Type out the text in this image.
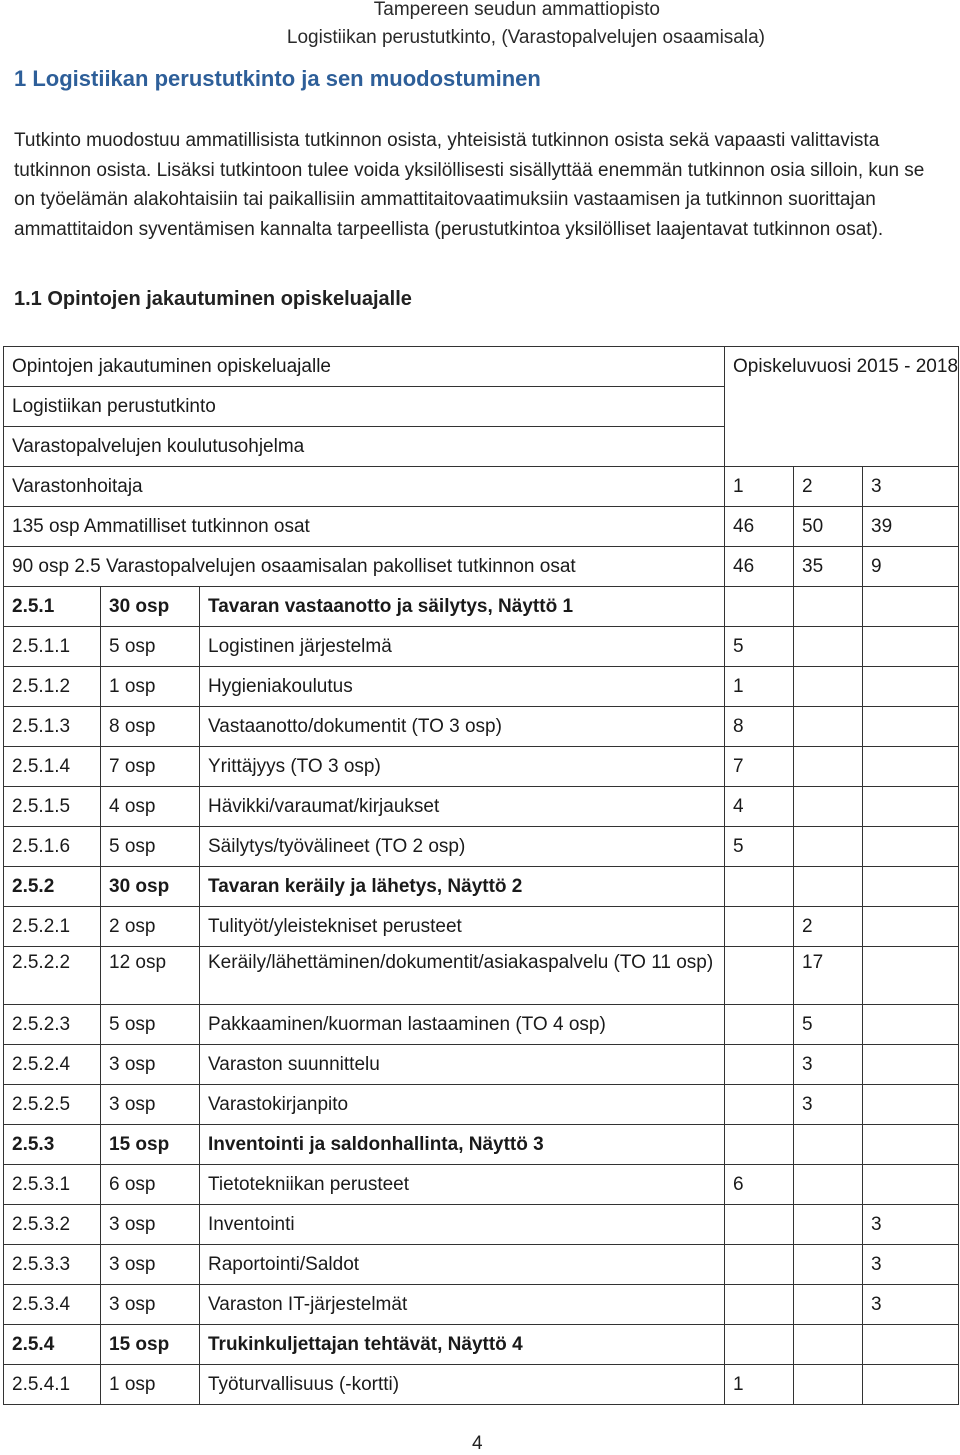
Tampereen seudun ammattiopisto
Logistiikan perustutkinto, (Varastopalvelujen osaamisala)
1 Logistiikan perustutkinto ja sen muodostuminen
Tutkinto muodostuu ammatillisista tutkinnon osista, yhteisistä tutkinnon osista sekä vapaasti valittavista tutkinnon osista. Lisäksi tutkintoon tulee voida yksilöllisesti sisällyttää enemmän tutkinnon osia silloin, kun se on työelämän alakohtaisiin tai paikallisiin ammattitaitovaatimuksiin vastaamisen ja tutkinnon suorittajan ammattitaidon syventämisen kannalta tarpeellista (perustutkintoa yksilölliset laajentavat tutkinnon osat).
1.1 Opintojen jakautuminen opiskeluajalle
Opintojen jakautuminen opiskeluajalle			Opiskeluvuosi 2015 - 2018		
Logistiikan perustutkinto					
Varastopalvelujen koulutusohjelma					
Varastonhoitaja			1	2	3
135 osp Ammatilliset tutkinnon osat			46	50	39
90 osp 2.5 Varastopalvelujen osaamisalan pakolliset tutkinnon osat			46	35	9
2.5.1	30 osp	Tavaran vastaanotto ja säilytys, Näyttö 1			
2.5.1.1	5 osp	Logistinen järjestelmä	5		
2.5.1.2	1 osp	Hygieniakoulutus	1		
2.5.1.3	8 osp	Vastaanotto/dokumentit (TO 3 osp)	8		
2.5.1.4	7 osp	Yrittäjyys (TO 3 osp)	7		
2.5.1.5	4 osp	Hävikki/varaumat/kirjaukset	4		
2.5.1.6	5 osp	Säilytys/työvälineet (TO 2 osp)	5		
2.5.2	30 osp	Tavaran keräily ja lähetys, Näyttö 2			
2.5.2.1	2 osp	Tulityöt/yleistekniset perusteet		2	
2.5.2.2	12 osp	Keräily/lähettäminen/dokumentit/asiakaspalvelu (TO 11 osp)		17	
2.5.2.3	5 osp	Pakkaaminen/kuorman lastaaminen (TO 4 osp)		5	
2.5.2.4	3 osp	Varaston suunnittelu		3	
2.5.2.5	3 osp	Varastokirjanpito		3	
2.5.3	15 osp	Inventointi ja saldonhallinta, Näyttö 3			
2.5.3.1	6 osp	Tietotekniikan perusteet	6		
2.5.3.2	3 osp	Inventointi			3
2.5.3.3	3 osp	Raportointi/Saldot			3
2.5.3.4	3 osp	Varaston IT-järjestelmät			3
2.5.4	15 osp	Trukinkuljettajan tehtävät, Näyttö 4			
2.5.4.1	1 osp	Työturvallisuus (-kortti)	1		
4
